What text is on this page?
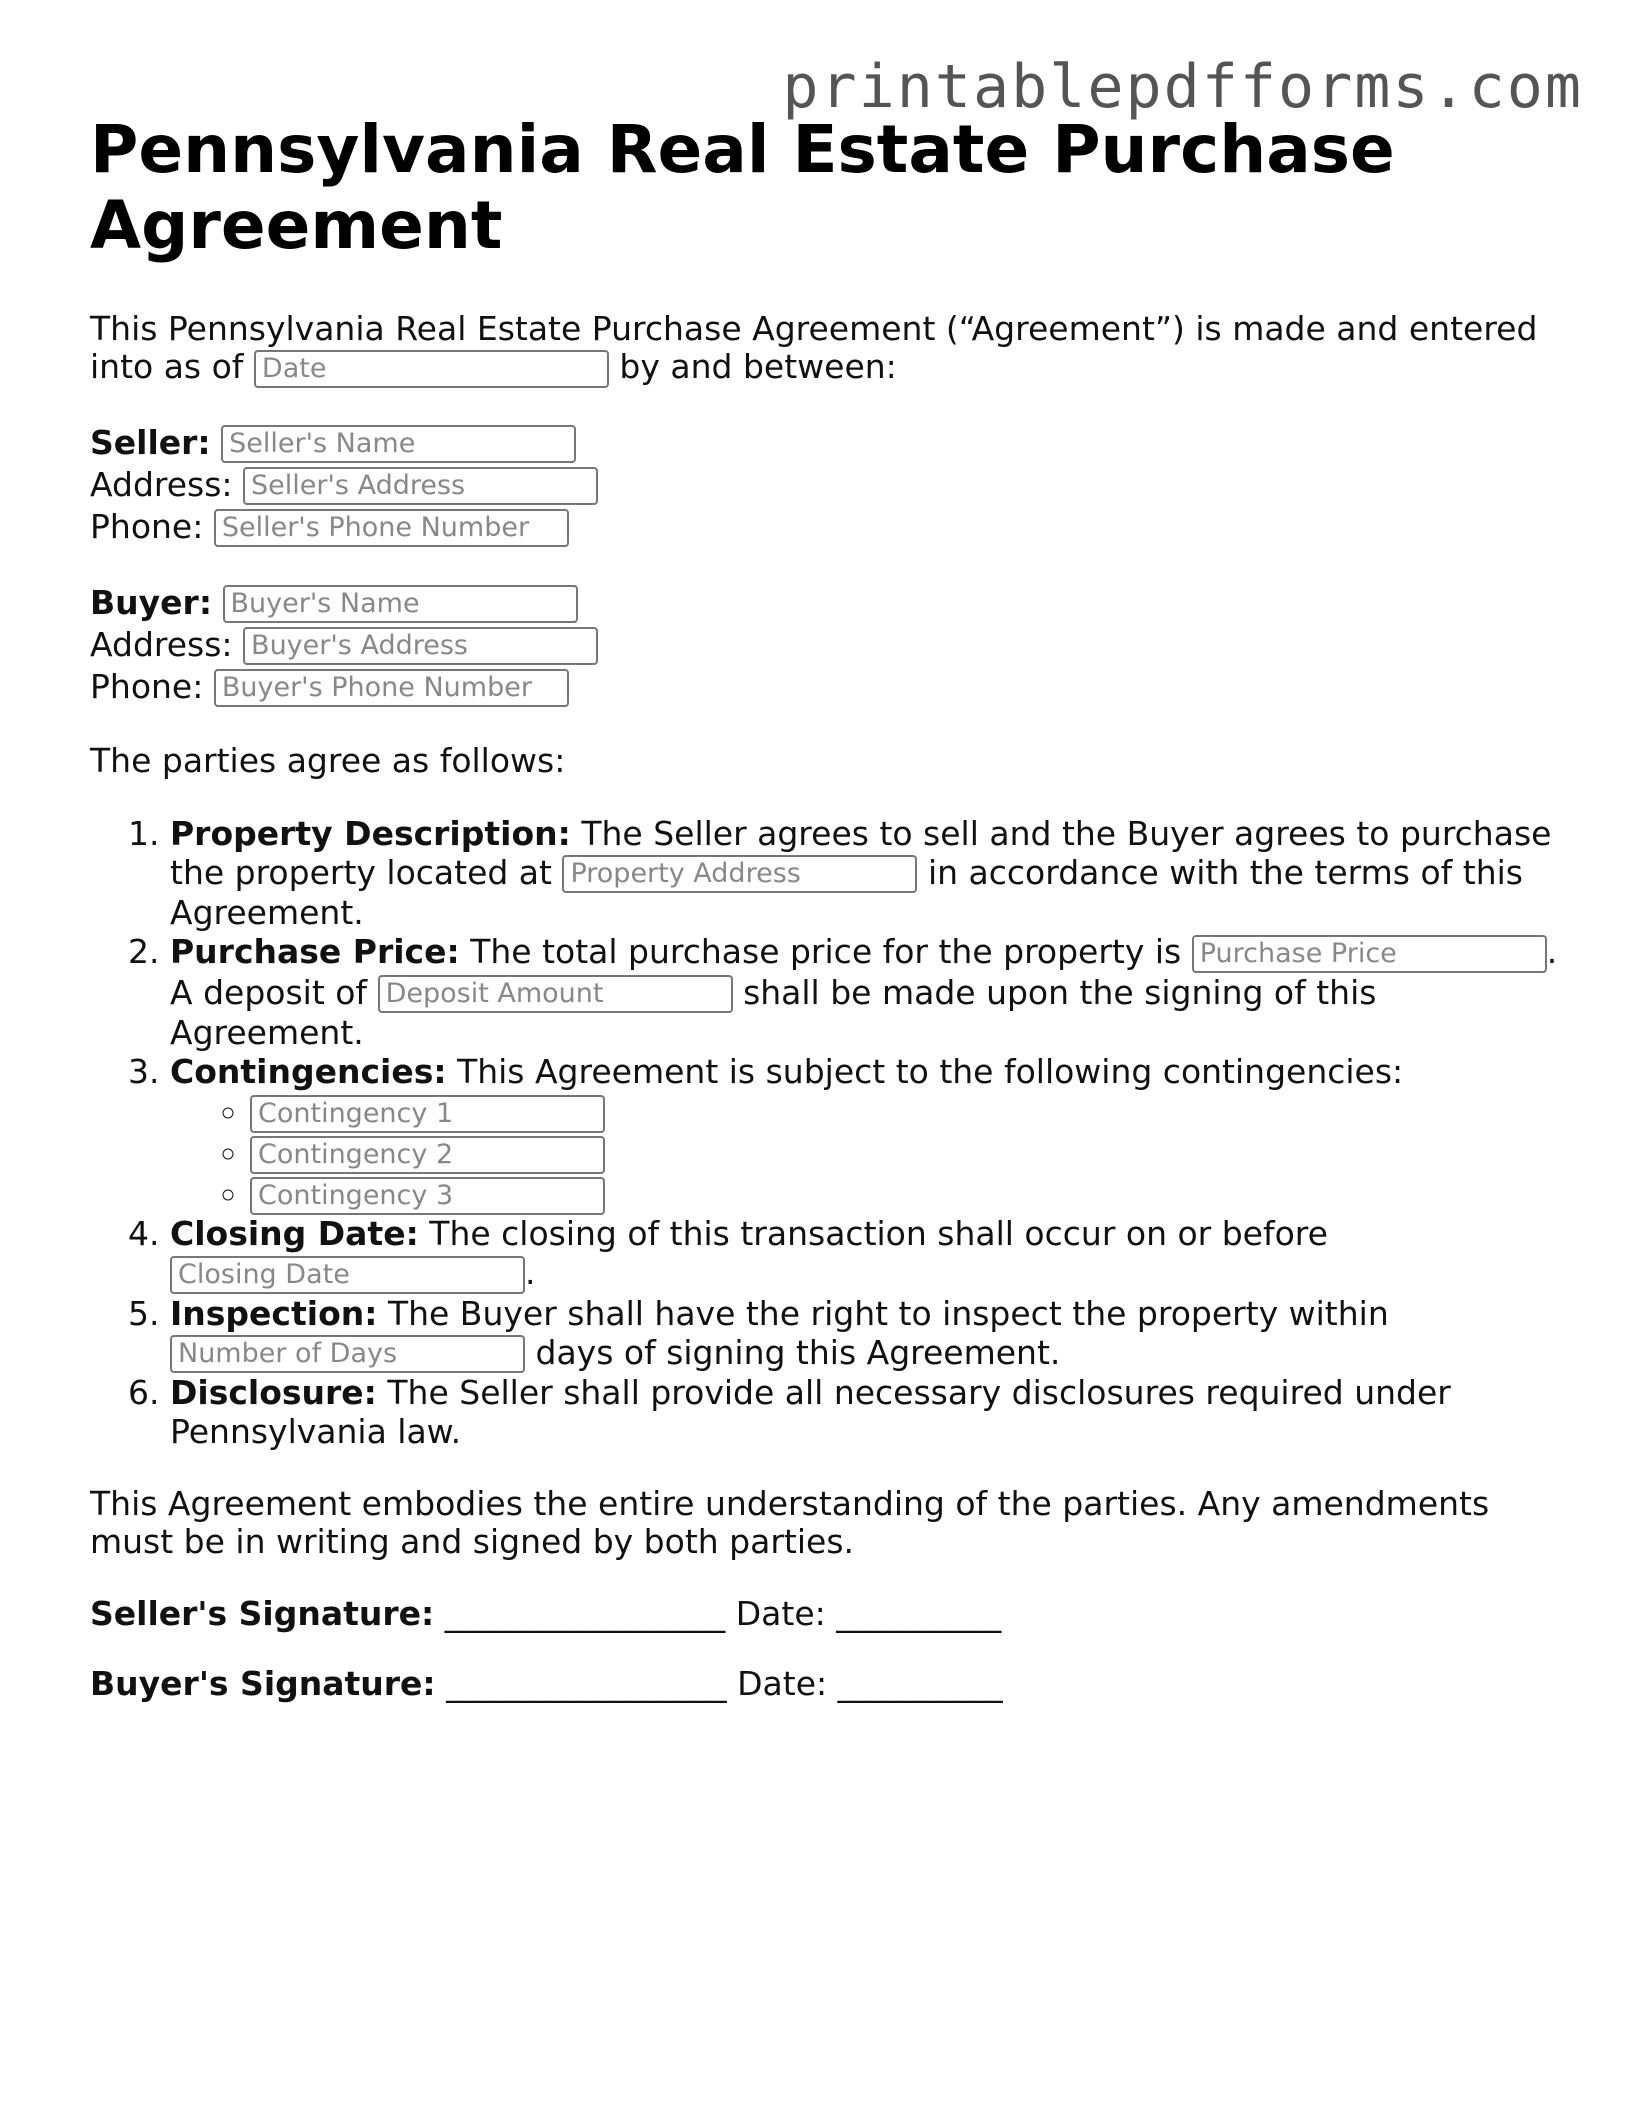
printablepdfforms.com
Pennsylvania Real Estate Purchase Agreement

This Pennsylvania Real Estate Purchase Agreement (“Agreement”) is made and entered into as of Date	by and between:

Seller: Seller's Name
Address: Seller's Address
Phone: Seller's Phone Number
Buyer: Buyer's Name
Address: Buyer's Address
Phone: Buyer's Phone Number

The parties agree as follows:

1. Property Description: The Seller agrees to sell and the Buyer agrees to purchase the property located at Property Address	in accordance with the terms of this Agreement.
2. Purchase Price: The total purchase price for the property is Purchase Price	. A deposit of Deposit Amount	shall be made upon the signing of this Agreement.
3. Contingencies: This Agreement is subject to the following contingencies:
◦ Contingency 1
◦ Contingency 2
◦ Contingency 3
4. Closing Date: The closing of this transaction shall occur on or before
Closing Date	.
5. Inspection: The Buyer shall have the right to inspect the property within
Number of Days	days of signing this Agreement.
6. Disclosure: The Seller shall provide all necessary disclosures required under Pennsylvania law.

This Agreement embodies the entire understanding of the parties. Any amendments must be in writing and signed by both parties.

Seller's Signature: _________________ Date: __________
Buyer's Signature: _________________ Date: __________
